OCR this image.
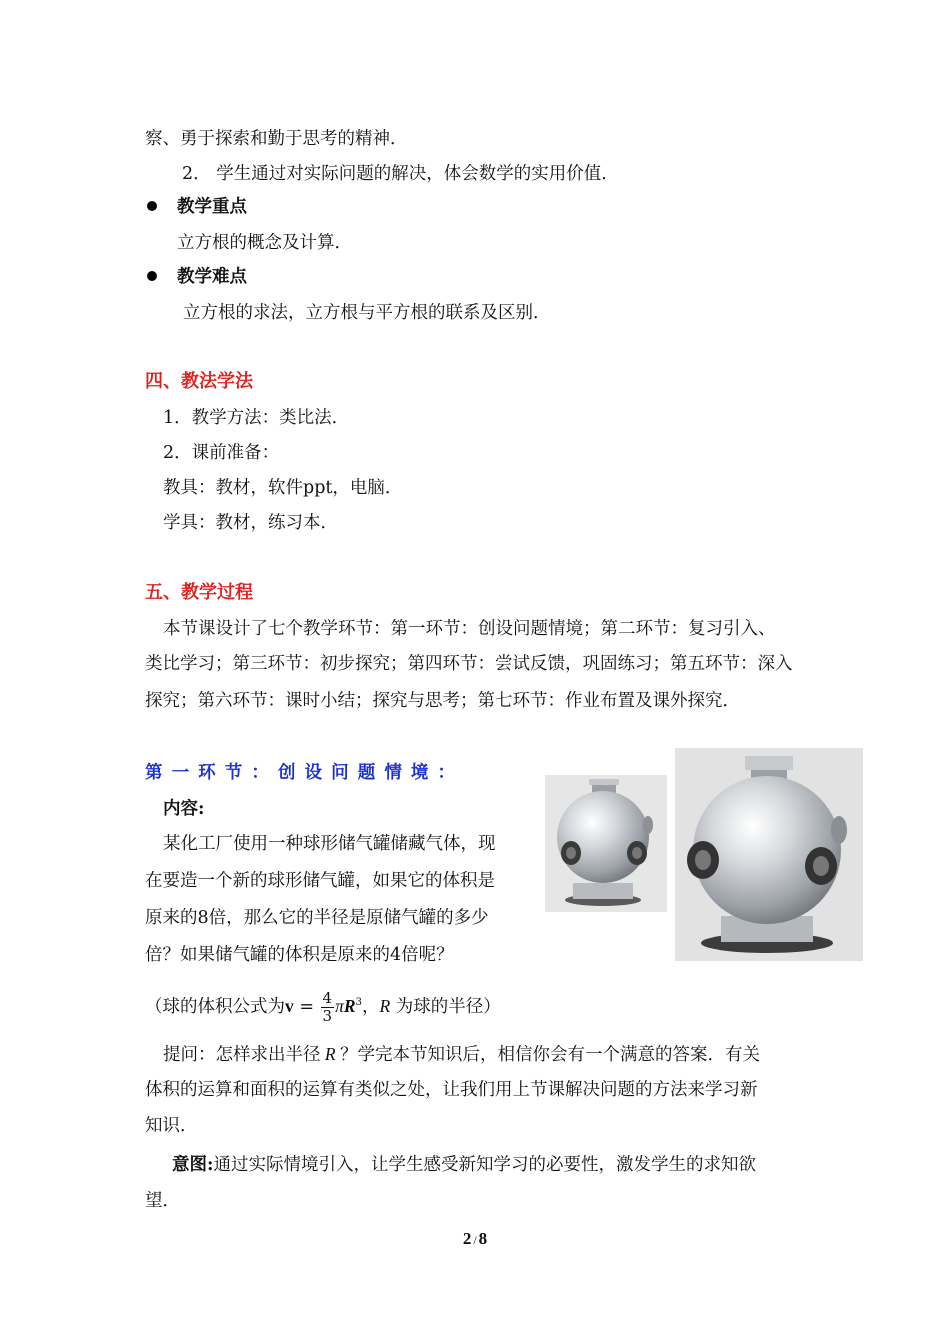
察、勇于探索和勤于思考的精神．
2． 学生通过对实际问题的解决，体会数学的实用价值．
教学重点
立方根的概念及计算．
教学难点
立方根的求法，立方根与平方根的联系及区别．
四、教法学法
1．教学方法：类比法．
2．课前准备：
教具：教材，软件ppt，电脑．
学具：教材，练习本．
五、教学过程
本节课设计了七个教学环节：第一环节：创设问题情境；第二环节：复习引入、
类比学习；第三环节：初步探究；第四环节：尝试反馈，巩固练习；第五环节：深入
探究；第六环节：课时小结；探究与思考；第七环节：作业布置及课外探究．
第 一 环 节 ： 创 设 问 题 情 境 ：
内容:
某化工厂使用一种球形储气罐储藏气体，现
在要造一个新的球形储气罐，如果它的体积是
原来的8倍，那么它的半径是原储气罐的多少
倍？如果储气罐的体积是原来的4倍呢？
（球的体积公式为$v = \frac{4}{3} \pi R^3$，R 为球的半径）
提问：怎样求出半径 R ？学完本节知识后，相信你会有一个满意的答案．有关
体积的运算和面积的运算有类似之处，让我们用上节课解决问题的方法来学习新
知识．
意图:通过实际情境引入，让学生感受新知学习的必要性，激发学生的求知欲
望．
2 / 8
